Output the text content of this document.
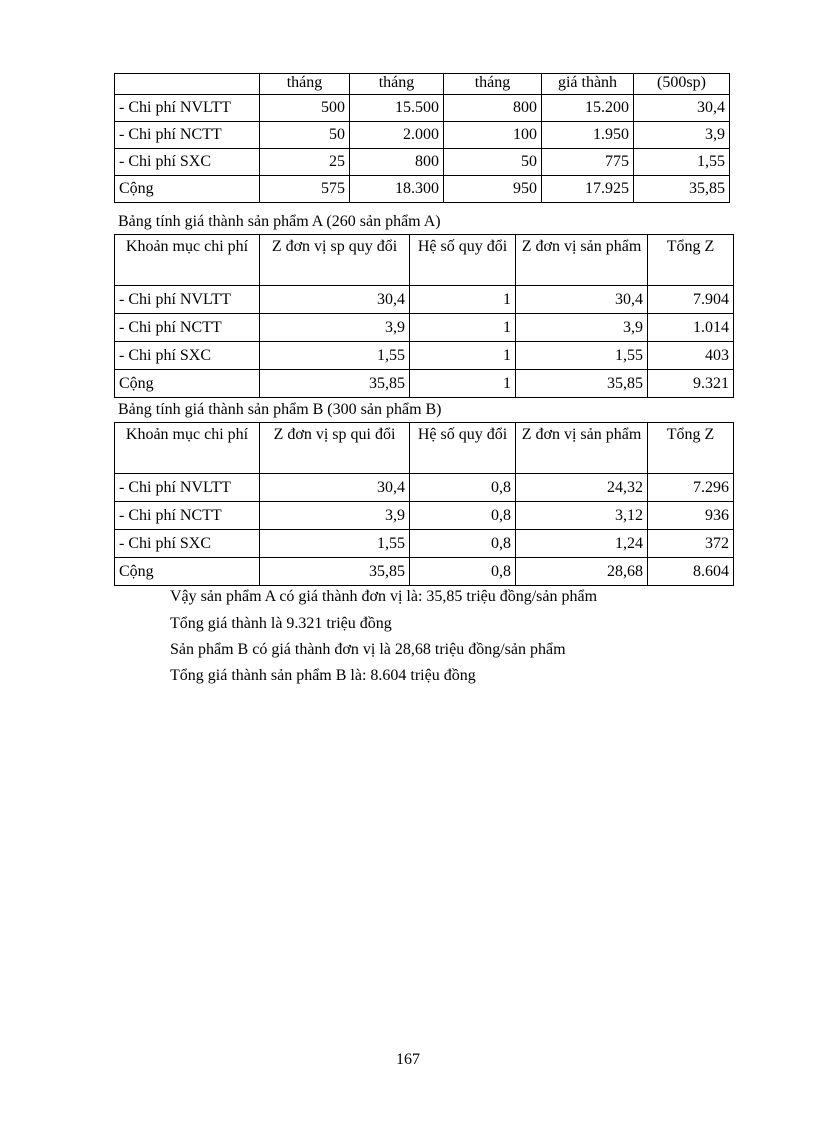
	tháng	tháng	tháng	giá thành	(500sp)
- Chi phí NVLTT	500	15.500	800	15.200	30,4
- Chi phí NCTT	50	2.000	100	1.950	3,9
- Chi phí SXC	25	800	50	775	1,55
Cộng	575	18.300	950	17.925	35,85
Bảng tính giá thành sản phẩm A (260 sản phẩm A)
Khoản mục chi phí	Z đơn vị sp quy đổi	Hệ số quy đổi	Z đơn vị sản phẩm	Tổng Z
- Chi phí NVLTT	30,4	1	30,4	7.904
- Chi phí NCTT	3,9	1	3,9	1.014
- Chi phí SXC	1,55	1	1,55	403
Cộng	35,85	1	35,85	9.321
Bảng tính giá thành sản phẩm B (300 sản phẩm B)
Khoản mục chi phí	Z đơn vị sp qui đổi	Hệ số quy đổi	Z đơn vị sản phẩm	Tổng Z
- Chi phí NVLTT	30,4	0,8	24,32	7.296
- Chi phí NCTT	3,9	0,8	3,12	936
- Chi phí SXC	1,55	0,8	1,24	372
Cộng	35,85	0,8	28,68	8.604
Vậy sản phẩm A có giá thành đơn vị là: 35,85 triệu đồng/sản phẩm
Tổng giá thành là 9.321 triệu đồng
Sản phẩm B có giá thành đơn vị là 28,68 triệu đồng/sản phẩm
Tổng giá thành sản phẩm B là: 8.604 triệu đồng
167
